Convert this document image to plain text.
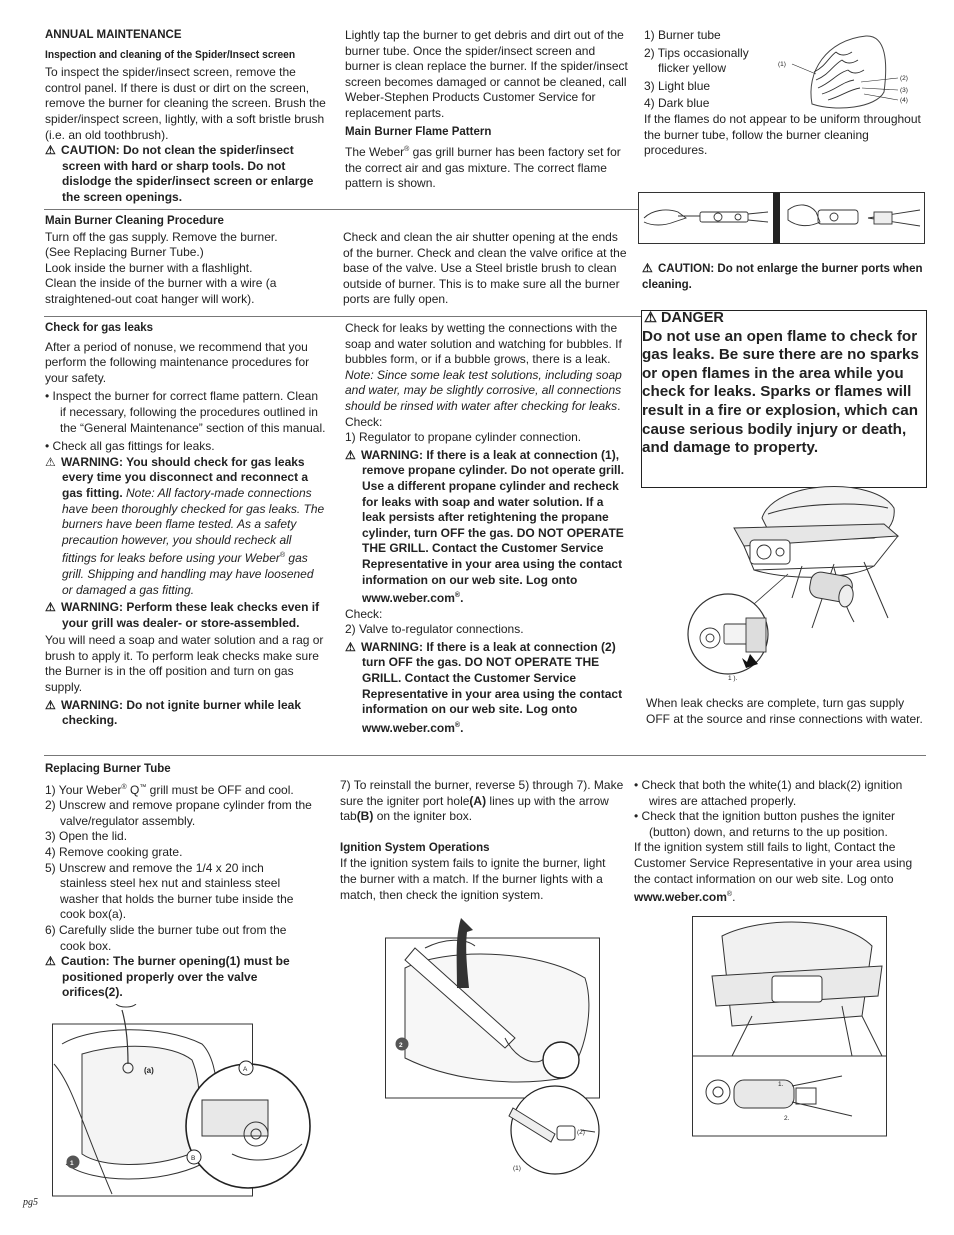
ANNUAL MAINTENANCE

Inspection and cleaning of the Spider/Insect screen

To inspect the spider/insect screen, remove the control panel. If there is dust or dirt on the screen, remove the burner for cleaning the screen. Brush the spider/inspect screen, lightly, with a soft bristle brush (i.e. an old toothbrush).

⚠ CAUTION: Do not clean the spider/insect screen with hard or sharp tools. Do not dislodge the spider/insect screen or enlarge the screen openings.

Lightly tap the burner to get debris and dirt out of the burner tube. Once the spider/insect screen and burner is clean replace the burner. If the spider/insect screen becomes damaged or cannot be cleaned, call Weber-Stephen Products Customer Service for replacement parts.

Main Burner Flame Pattern

The Weber® gas grill burner has been factory set for the correct air and gas mixture. The correct flame pattern is shown.

1) Burner tube

2) Tips occasionally

flicker yellow

3) Light blue

4) Dark blue

If the flames do not appear to be uniform throughout the burner tube, follow the burner cleaning procedures.

(1)
(2)
(3)
(4)

Main Burner Cleaning Procedure

Turn off the gas supply. Remove the burner.

(See Replacing Burner Tube.)

Look inside the burner with a flashlight.

Clean the inside of the burner with a wire (a straightened-out coat hanger will work).

Check and clean the air shutter opening at the ends of the burner. Check and clean the valve orifice at the base of the valve. Use a Steel bristle brush to clean outside of burner. This is to make sure all the burner ports are fully open.

⚠ CAUTION: Do not enlarge the burner ports when cleaning.

Check for gas leaks

After a period of nonuse, we recommend that you perform the following maintenance procedures for your safety.

• Inspect the burner for correct flame pattern. Clean if necessary, following the procedures outlined in the “General Maintenance” section of this manual.

• Check all gas fittings for leaks.

⚠ WARNING: You should check for gas leaks every time you disconnect and reconnect a gas fitting. Note: All factory-made connections have been thoroughly checked for gas leaks. The burners have been flame tested. As a safety precaution however, you should recheck all fittings for leaks before using your Weber® gas grill. Shipping and handling may have loosened or damaged a gas fitting.

⚠ WARNING: Perform these leak checks even if your grill was dealer- or store-assembled.

You will need a soap and water solution and a rag or brush to apply it. To perform leak checks make sure the Burner is in the off position and turn on gas supply.

⚠ WARNING: Do not ignite burner while leak checking.

Check for leaks by wetting the connections with the soap and water solution and watching for bubbles. If bubbles form, or if a bubble grows, there is a leak. Note: Since some leak test solutions, including soap and water, may be slightly corrosive, all connections should be rinsed with water after checking for leaks.

Check:

1) Regulator to propane cylinder connection.

⚠ WARNING: If there is a leak at connection (1), remove propane cylinder. Do not operate grill. Use a different propane cylinder and recheck for leaks with soap and water solution. If a leak persists after retightening the propane cylinder, turn OFF the gas. DO NOT OPERATE THE GRILL. Contact the Customer Service Representative in your area using the contact information on our web site. Log onto www.weber.com®.

Check:

2) Valve to-regulator connections.

⚠ WARNING: If there is a leak at connection (2) turn OFF the gas. DO NOT OPERATE THE GRILL. Contact the Customer Service Representative in your area using the contact information on our web site. Log onto www.weber.com®.

⚠ DANGER
Do not use an open flame to check for gas leaks. Be sure there are no sparks or open flames in the area while you check for leaks. Sparks or flames will result in a fire or explosion, which can cause serious bodily injury or death, and damage to property.
1 ).

When leak checks are complete, turn gas supply OFF at the source and rinse connections with water.

Replacing Burner Tube

1) Your Weber® Q™ grill must be OFF and cool.

2) Unscrew and remove propane cylinder from the valve/regulator assembly.

3) Open the lid.

4) Remove cooking grate.

5) Unscrew and remove the 1/4 x 20 inch stainless steel hex nut and stainless steel washer that holds the burner tube inside the cook box(a).

6) Carefully slide the burner tube out from the cook box.

⚠ Caution: The burner opening(1) must be positioned properly over the valve orifices(2).

7) To reinstall the burner, reverse 5) through 7). Make sure the igniter port hole(A) lines up with the arrow tab(B) on the igniter box.

Ignition System Operations

If the ignition system fails to ignite the burner, light the burner with a match. If the burner lights with a match, then check the ignition system.

• Check that both the white(1) and black(2) ignition wires are attached properly.

• Check that the ignition button pushes the igniter (button) down, and returns to the up position.

If the ignition system still fails to light, Contact the Customer Service Representative in your area using the contact information on our web site. Log onto www.weber.com®.

(a)	A
B
1
2
(1)
(2)
1.
2.
pg5
